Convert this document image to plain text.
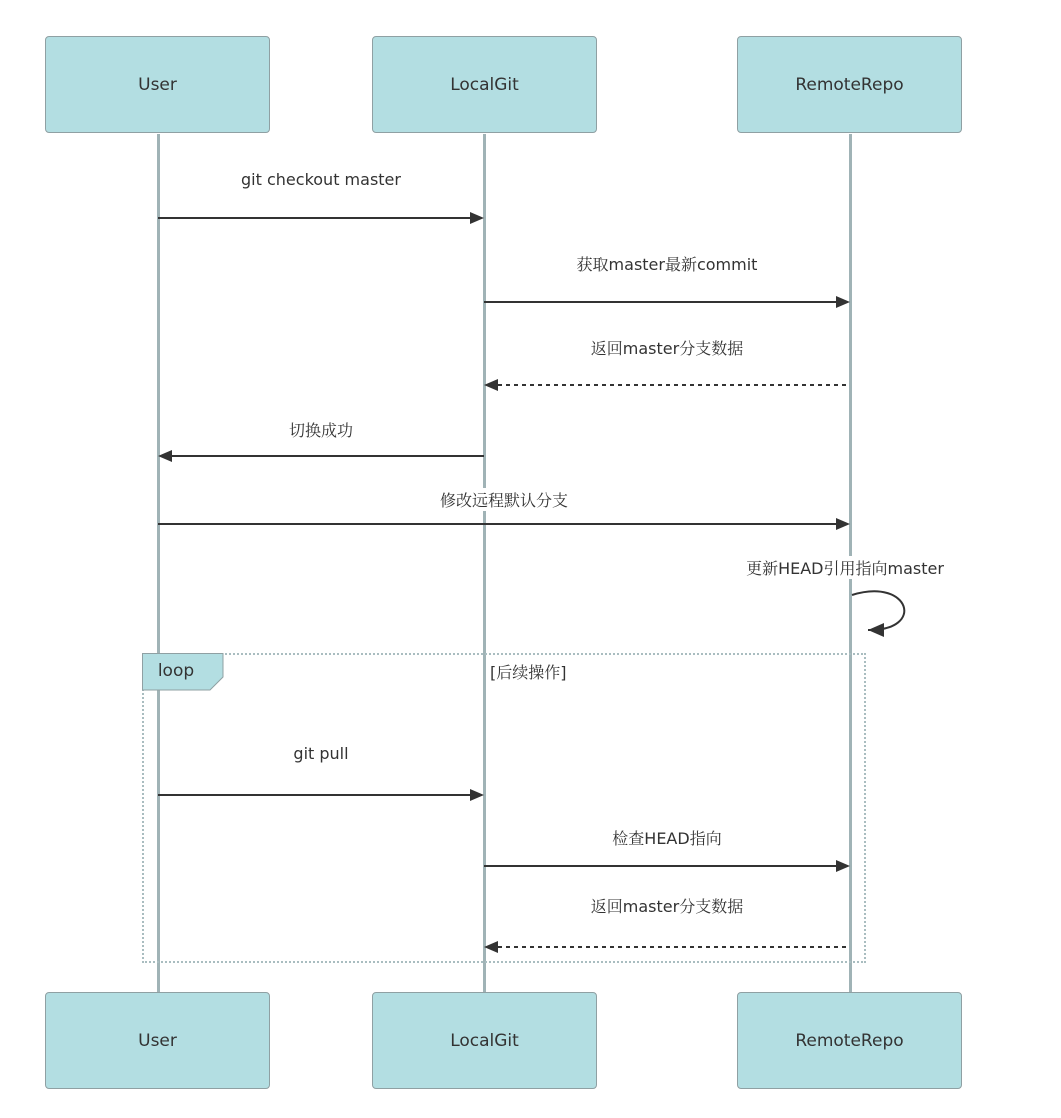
User	LocalGit	RemoteRepo
git checkout master
获取master最新commit
返回master分支数据
切换成功
修改远程默认分支
更新HEAD引用指向master
loop	[后续操作]
git pull
检查HEAD指向
返回master分支数据
User	LocalGit	RemoteRepo
